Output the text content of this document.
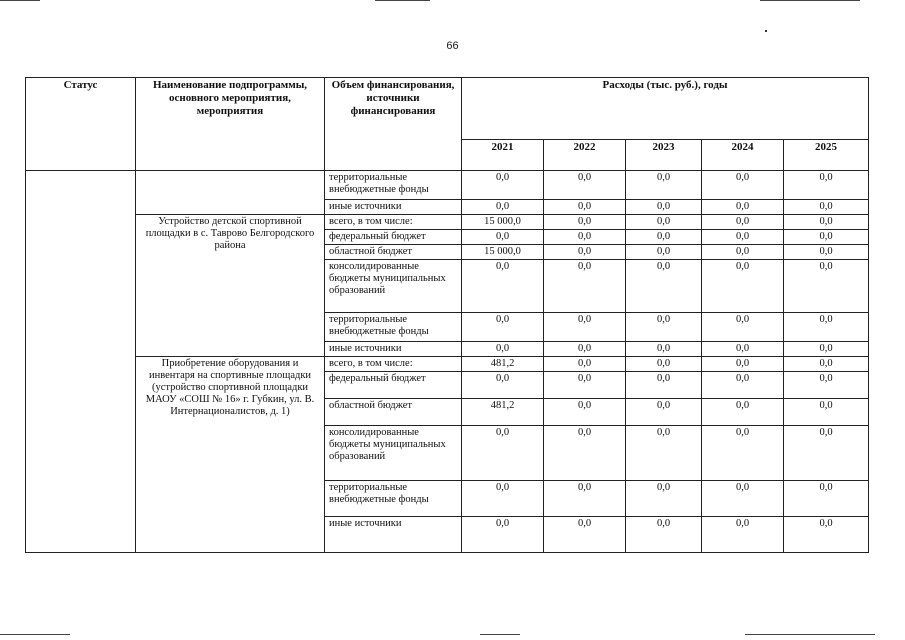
66
Статус	Наименование подпрограммы, основного мероприятия, мероприятия	Объем финансирования, источники финансирования	Расходы (тыс. руб.), годы				
			2021	2022	2023	2024	2025
		территориальные внебюджетные фонды	0,0	0,0	0,0	0,0	0,0
		иные источники	0,0	0,0	0,0	0,0	0,0
	Устройство детской спортивной площадки в с. Таврово Белгородского района	всего, в том числе:	15 000,0	0,0	0,0	0,0	0,0
		федеральный бюджет	0,0	0,0	0,0	0,0	0,0
		областной бюджет	15 000,0	0,0	0,0	0,0	0,0
		консолидированные бюджеты муниципальных образований	0,0	0,0	0,0	0,0	0,0
		территориальные внебюджетные фонды	0,0	0,0	0,0	0,0	0,0
		иные источники	0,0	0,0	0,0	0,0	0,0
	Приобретение оборудования и инвентаря на спортивные площадки (устройство спортивной площадки МАОУ «СОШ № 16» г. Губкин, ул. В. Интернационалистов, д. 1)	всего, в том числе:	481,2	0,0	0,0	0,0	0,0
		федеральный бюджет	0,0	0,0	0,0	0,0	0,0
		областной бюджет	481,2	0,0	0,0	0,0	0,0
		консолидированные бюджеты муниципальных образований	0,0	0,0	0,0	0,0	0,0
		территориальные внебюджетные фонды	0,0	0,0	0,0	0,0	0,0
		иные источники	0,0	0,0	0,0	0,0	0,0
